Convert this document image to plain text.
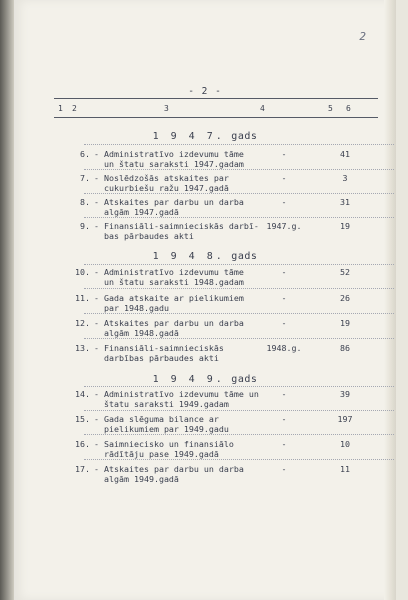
2
- 2 -
1 2	3	4	5 6
1 9 4 7. gads
6. - Administratīvo izdevumu tāme
un štatu saraksti 1947.gadam
-	41
7. - Noslēdzošās atskaites par
cukurbiešu ražu 1947.gadā
-	3
8. - Atskaites par darbu un darba
algām 1947.gadā
-	31
9. - Finansiāli-saimnieciskās darbī-
bas pārbaudes akti
1947.g.	19
1 9 4 8. gads
10. - Administratīvo izdevumu tāme
un štatu saraksti 1948.gadam
-	52
11. - Gada atskaite ar pielikumiem
par 1948.gadu
-	26
12. - Atskaites par darbu un darba
algām 1948.gadā
-	19
13. - Finansiāli-saimnieciskās
darbības pārbaudes akti
1948.g.	86
1 9 4 9. gads
14. - Administratīvo izdevumu tāme un
štatu saraksti 1949.gadam
-	39
15. - Gada slēguma bilance ar
pielikumiem par 1949.gadu
-	197
16. - Saimniecisko un finansiālo
rādītāju pase 1949.gadā
-	10
17. - Atskaites par darbu un darba
algām 1949.gadā
-	11
